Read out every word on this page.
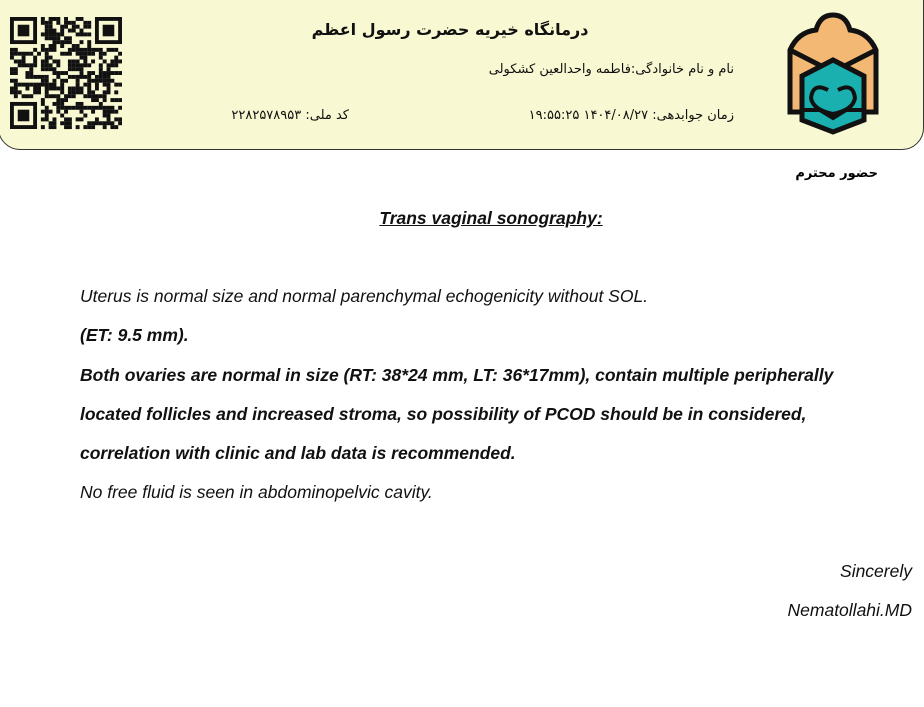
درمانگاه خیریه حضرت رسول اعظم
نام و نام خانوادگی:فاطمه واحدالعین کشکولی
زمان جوابدهی: ۱۴۰۴/۰۸/۲۷ ۱۹:۵۵:۲۵
کد ملی: ۲۲۸۲۵۷۸۹۵۳
حضور محترم
Trans vaginal sonography:
Uterus is normal size and normal parenchymal echogenicity without SOL.
(ET: 9.5 mm).
Both ovaries are normal in size (RT: 38*24 mm, LT: 36*17mm), contain multiple peripherally
located follicles and increased stroma, so possibility of PCOD should be in considered,
correlation with clinic and lab data is recommended.
No free fluid is seen in abdominopelvic cavity.
Sincerely
Nematollahi.MD
